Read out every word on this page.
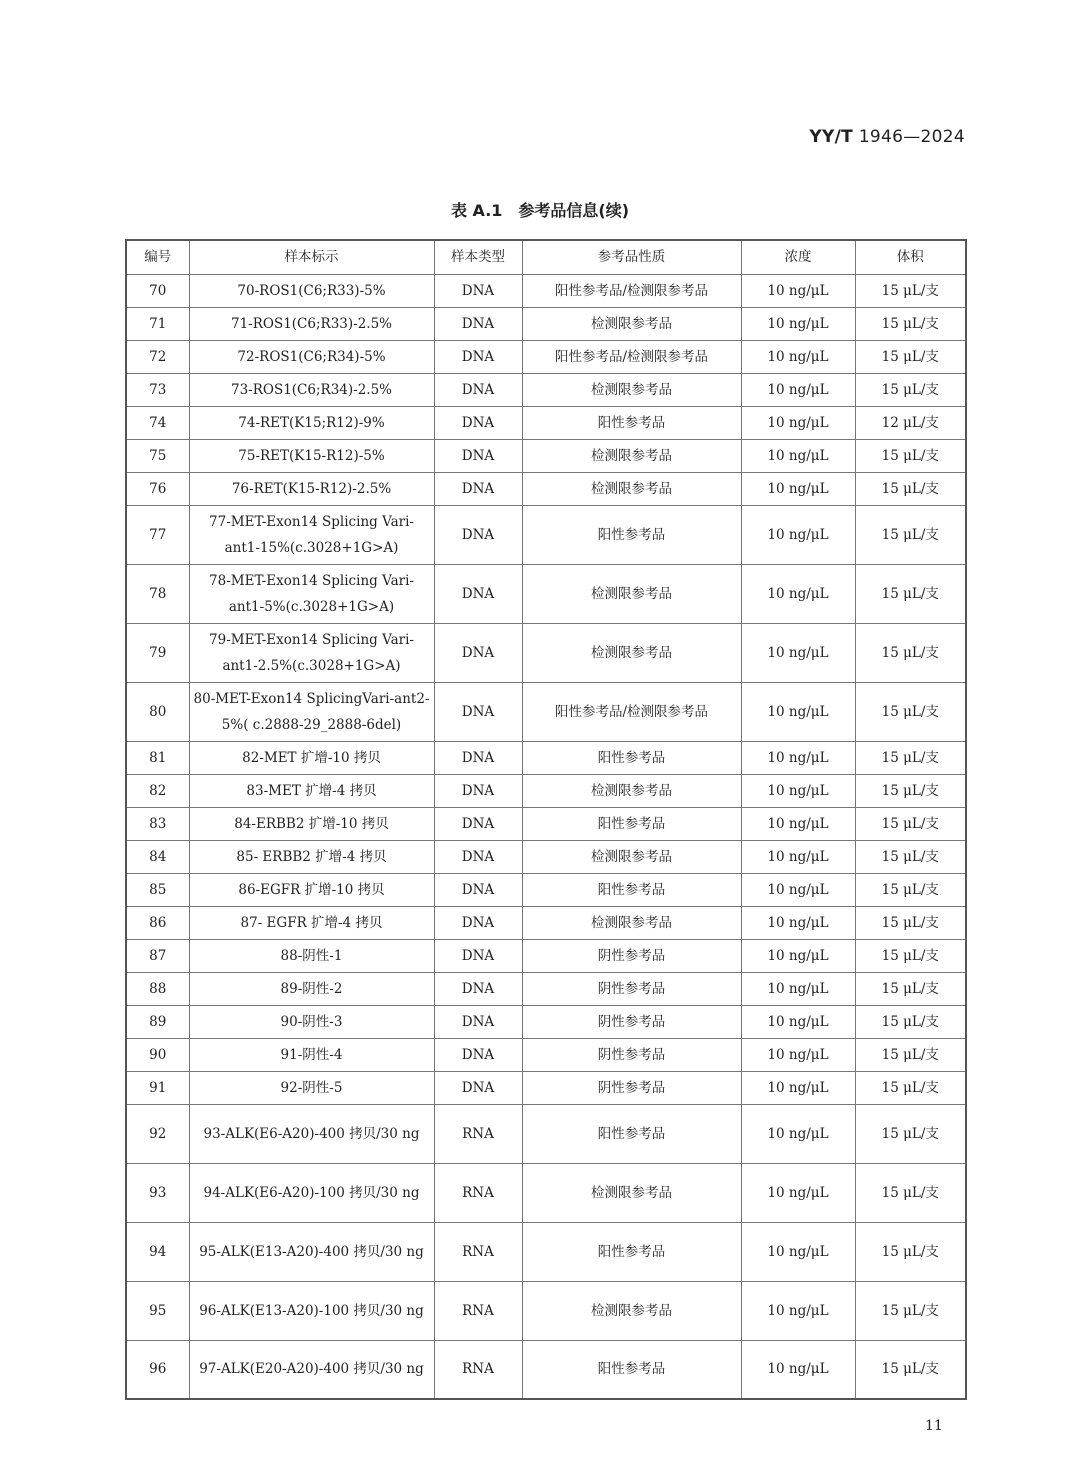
YY/T 1946—2024
表 A.1　参考品信息(续)
编号	样本标示	样本类型	参考品性质	浓度	体积
70	70-ROS1(C6;R33)-5%	DNA	阳性参考品/检测限参考品	10 ng/μL	15 μL/支
71	71-ROS1(C6;R33)-2.5%	DNA	检测限参考品	10 ng/μL	15 μL/支
72	72-ROS1(C6;R34)-5%	DNA	阳性参考品/检测限参考品	10 ng/μL	15 μL/支
73	73-ROS1(C6;R34)-2.5%	DNA	检测限参考品	10 ng/μL	15 μL/支
74	74-RET(K15;R12)-9%	DNA	阳性参考品	10 ng/μL	12 μL/支
75	75-RET(K15-R12)-5%	DNA	检测限参考品	10 ng/μL	15 μL/支
76	76-RET(K15-R12)-2.5%	DNA	检测限参考品	10 ng/μL	15 μL/支
77	77-MET-Exon14 Splicing Vari-ant1-15%(c.3028+1G>A)	DNA	阳性参考品	10 ng/μL	15 μL/支
78	78-MET-Exon14 Splicing Vari-ant1-5%(c.3028+1G>A)	DNA	检测限参考品	10 ng/μL	15 μL/支
79	79-MET-Exon14 Splicing Vari-ant1-2.5%(c.3028+1G>A)	DNA	检测限参考品	10 ng/μL	15 μL/支
80	80-MET-Exon14 SplicingVari-ant2-5%( c.2888-29_2888-6del)	DNA	阳性参考品/检测限参考品	10 ng/μL	15 μL/支
81	82-MET 扩增-10 拷贝	DNA	阳性参考品	10 ng/μL	15 μL/支
82	83-MET 扩增-4 拷贝	DNA	检测限参考品	10 ng/μL	15 μL/支
83	84-ERBB2 扩增-10 拷贝	DNA	阳性参考品	10 ng/μL	15 μL/支
84	85- ERBB2 扩增-4 拷贝	DNA	检测限参考品	10 ng/μL	15 μL/支
85	86-EGFR 扩增-10 拷贝	DNA	阳性参考品	10 ng/μL	15 μL/支
86	87- EGFR 扩增-4 拷贝	DNA	检测限参考品	10 ng/μL	15 μL/支
87	88-阴性-1	DNA	阴性参考品	10 ng/μL	15 μL/支
88	89-阴性-2	DNA	阴性参考品	10 ng/μL	15 μL/支
89	90-阴性-3	DNA	阴性参考品	10 ng/μL	15 μL/支
90	91-阴性-4	DNA	阴性参考品	10 ng/μL	15 μL/支
91	92-阴性-5	DNA	阴性参考品	10 ng/μL	15 μL/支
92	93-ALK(E6-A20)-400 拷贝/30 ng	RNA	阳性参考品	10 ng/μL	15 μL/支
93	94-ALK(E6-A20)-100 拷贝/30 ng	RNA	检测限参考品	10 ng/μL	15 μL/支
94	95-ALK(E13-A20)-400 拷贝/30 ng	RNA	阳性参考品	10 ng/μL	15 μL/支
95	96-ALK(E13-A20)-100 拷贝/30 ng	RNA	检测限参考品	10 ng/μL	15 μL/支
96	97-ALK(E20-A20)-400 拷贝/30 ng	RNA	阳性参考品	10 ng/μL	15 μL/支
11
